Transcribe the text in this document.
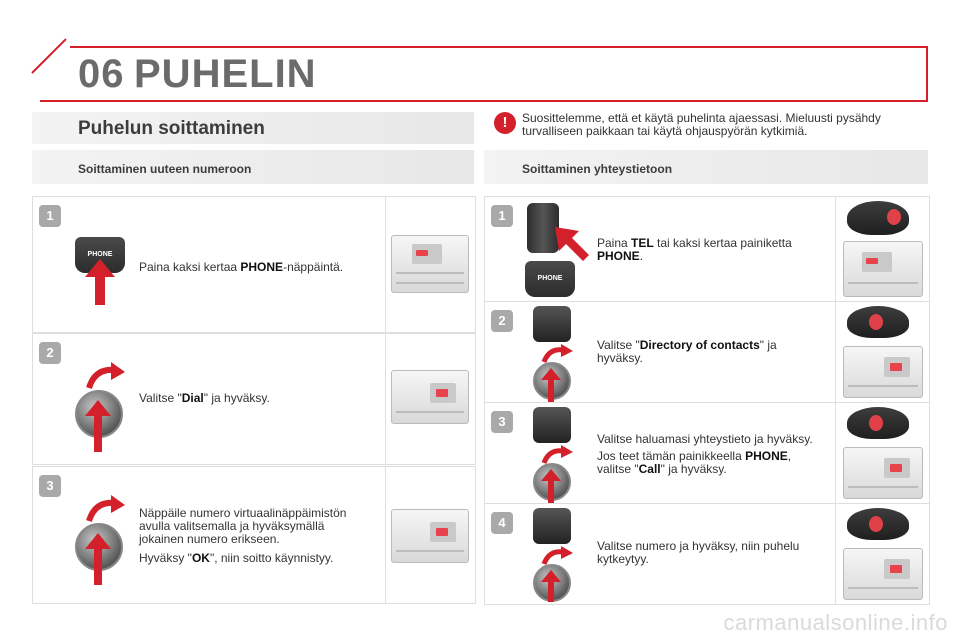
06 PUHELIN
Puhelun soittaminen	!	Suosittelemme, että et käytä puhelinta ajaessasi. Mieluusti pysähdy turvalliseen paikkaan tai käytä ohjauspyörän kytkimiä.
Soittaminen uuteen numeroon	Soittaminen yhteystietoon
1
PHONE
Paina kaksi kertaa PHONE-näppäintä.
2
Valitse "Dial" ja hyväksy.
3
Näppäile numero virtuaalinäppäimistön avulla valitsemalla ja hyväksymällä jokainen numero erikseen.
Hyväksy "OK", niin soitto käynnistyy.
1
PHONE
Paina TEL tai kaksi kertaa painiketta PHONE.
2
Valitse "Directory of contacts" ja hyväksy.
3
Valitse haluamasi yhteystieto ja hyväksy.
Jos teet tämän painikkeella PHONE, valitse "Call" ja hyväksy.
4
Valitse numero ja hyväksy, niin puhelu kytkeytyy.
carmanualsonline.info
